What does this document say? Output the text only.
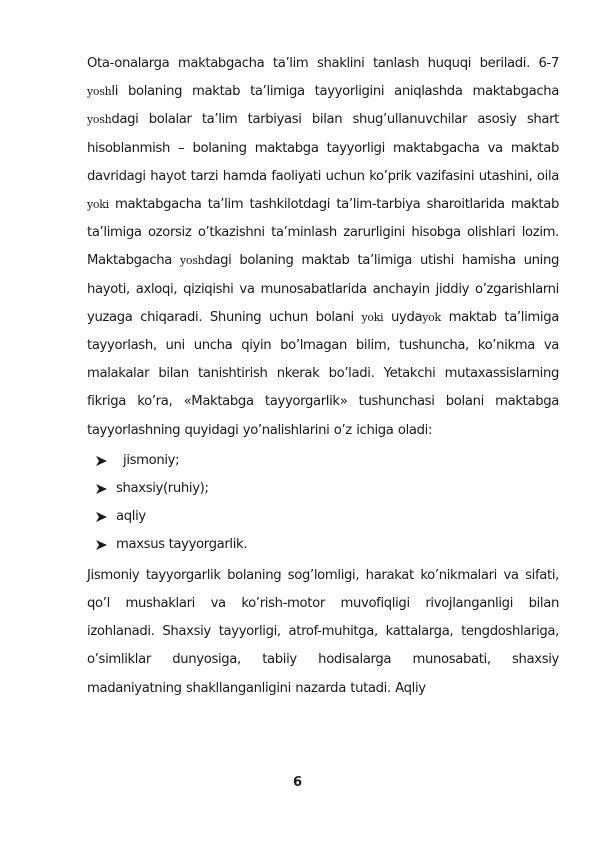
Ota-onalarga maktabgacha ta’lim shaklini tanlash huquqi beriladi. 6-7 yoshli bolaning maktab ta’limiga tayyorligini aniqlashda maktabgacha yoshdagi bolalar ta’lim tarbiyasi bilan shug’ullanuvchilar asosiy shart hisoblanmish – bolaning maktabga tayyorligi maktabgacha va maktab davridagi hayot tarzi hamda faoliyati uchun ko’prik vazifasini utashini, oila yoki maktabgacha ta’lim tashkilotdagi ta’lim-tarbiya sharoitlarida maktab ta’limiga ozorsiz o’tkazishni ta’minlash zarurligini hisobga olishlari lozim. Maktabgacha yoshdagi bolaning maktab ta’limiga utishi hamisha uning hayoti, axloqi, qiziqishi va munosabatlarida anchayin jiddiy o’zgarishlarni yuzaga chiqaradi. Shuning uchun bolani yoki uydayok maktab ta’limiga tayyorlash, uni uncha qiyin bo’lmagan bilim, tushuncha, ko’nikma va malakalar bilan tanishtirish nkerak bo’ladi. Yetakchi mutaxassislarning fikriga ko’ra, «Maktabga tayyorgarlik» tushunchasi bolani maktabga tayyorlashning quyidagi yo’nalishlarini o’z ichiga oladi:

jismoniy;
shaxsiy(ruhiy);
aqliy
maxsus tayyorgarlik.

Jismoniy tayyorgarlik bolaning sog’lomligi, harakat ko’nikmalari va sifati, qo’l mushaklari va ko’rish-motor muvofiqligi rivojlanganligi bilan izohlanadi. Shaxsiy tayyorligi, atrof-muhitga, kattalarga, tengdoshlariga, o’simliklar dunyosiga, tabiiy hodisalarga munosabati, shaxsiy madaniyatning shakllanganligini nazarda tutadi. Aqliy

6
